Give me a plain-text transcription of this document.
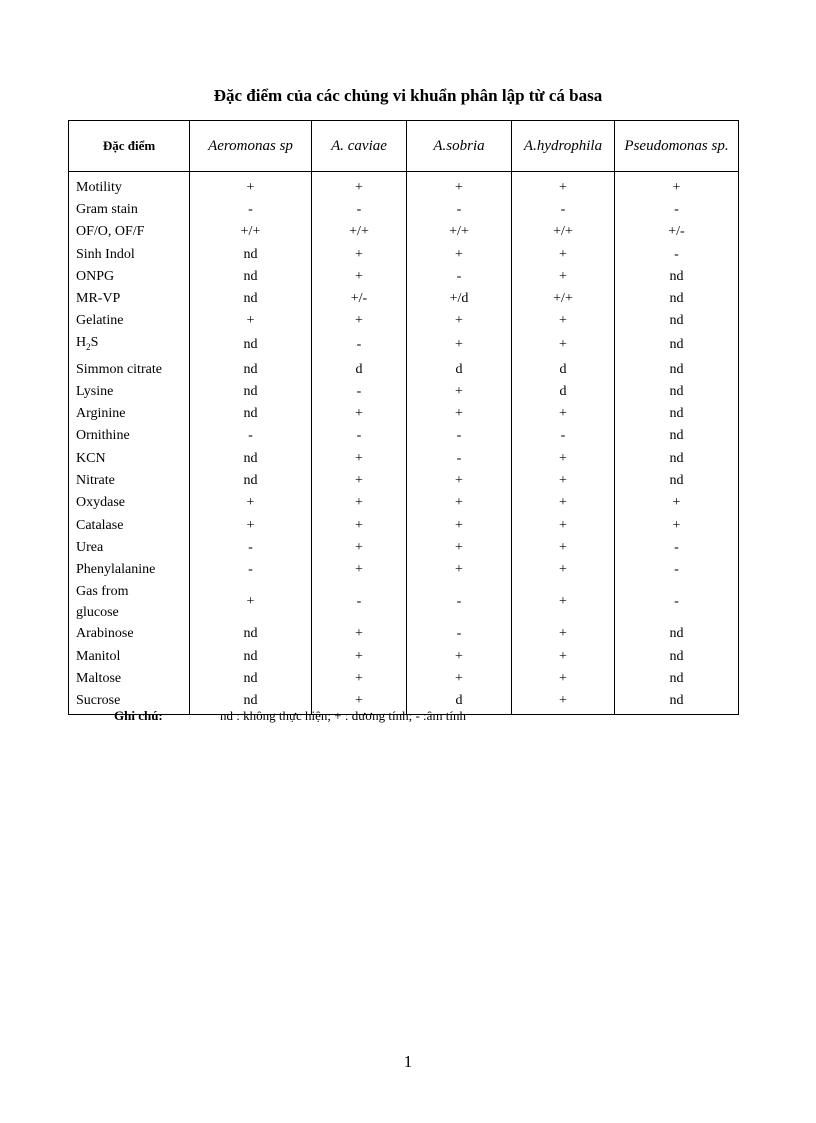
Đặc điểm của các chủng vi khuẩn phân lập từ cá basa
Đặc điểm	Aeromonas sp	A. caviae	A.sobria	A.hydrophila	Pseudomonas sp.
Motility	+	+	+	+	+
Gram stain	-	-	-	-	-
OF/O, OF/F	+/+	+/+	+/+	+/+	+/-
Sinh Indol	nd	+	+	+	-
ONPG	nd	+	-	+	nd
MR-VP	nd	+/-	+/d	+/+	nd
Gelatine	+	+	+	+	nd
$H_2S$	nd	-	+	+	nd
Simmon citrate	nd	d	d	d	nd
Lysine	nd	-	+	d	nd
Arginine	nd	+	+	+	nd
Ornithine	-	-	-	-	nd
KCN	nd	+	-	+	nd
Nitrate	nd	+	+	+	nd
Oxydase	+	+	+	+	+
Catalase	+	+	+	+	+
Urea	-	+	+	+	-
Phenylalanine	-	+	+	+	-
Gas from
glucose	+	-	-	+	-
Arabinose	nd	+	-	+	nd
Manitol	nd	+	+	+	nd
Maltose	nd	+	+	+	nd
Sucrose	nd	+	d	+	nd
Ghi chú:	nd : không thực hiện; + : dương tính; - :âm tính
1
